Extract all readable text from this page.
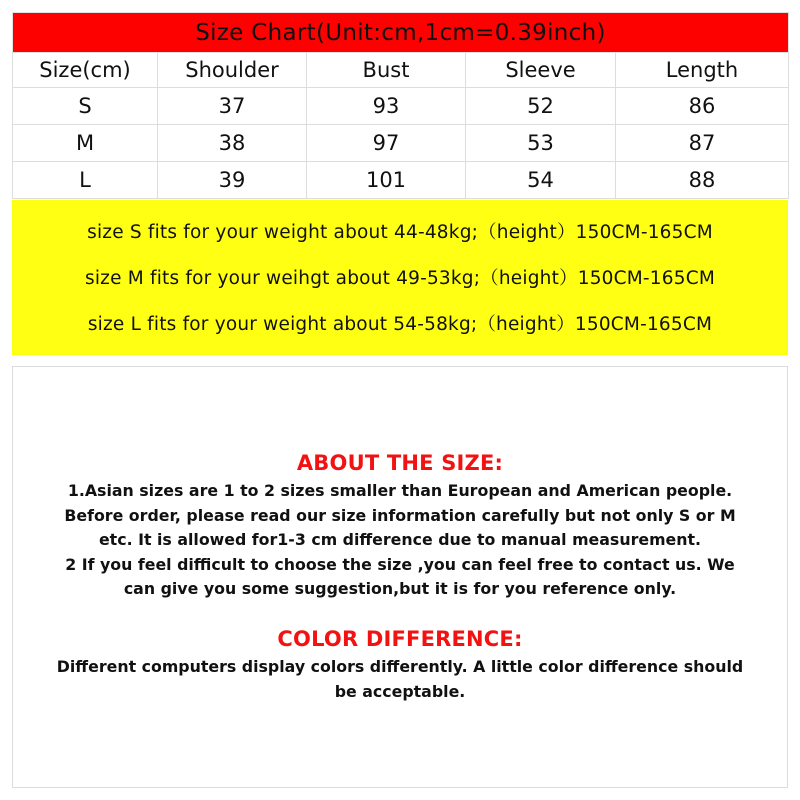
Size Chart(Unit:cm,1cm=0.39inch)				
Size(cm)	Shoulder	Bust	Sleeve	Length
S	37	93	52	86
M	38	97	53	87
L	39	101	54	88
size S fits for your weight about 44-48kg;（height）150CM-165CM
size M fits for your weihgt about 49-53kg;（height）150CM-165CM
size L fits for your weight about 54-58kg;（height）150CM-165CM
ABOUT THE SIZE:
1.Asian sizes are 1 to 2 sizes smaller than European and American people.
Before order, please read our size information carefully but not only S or M
etc. It is allowed for1-3 cm difference due to manual measurement.
2 If you feel difficult to choose the size ,you can feel free to contact us. We
can give you some suggestion,but it is for you reference only.
COLOR DIFFERENCE:
Different computers display colors differently. A little color difference should
be acceptable.
